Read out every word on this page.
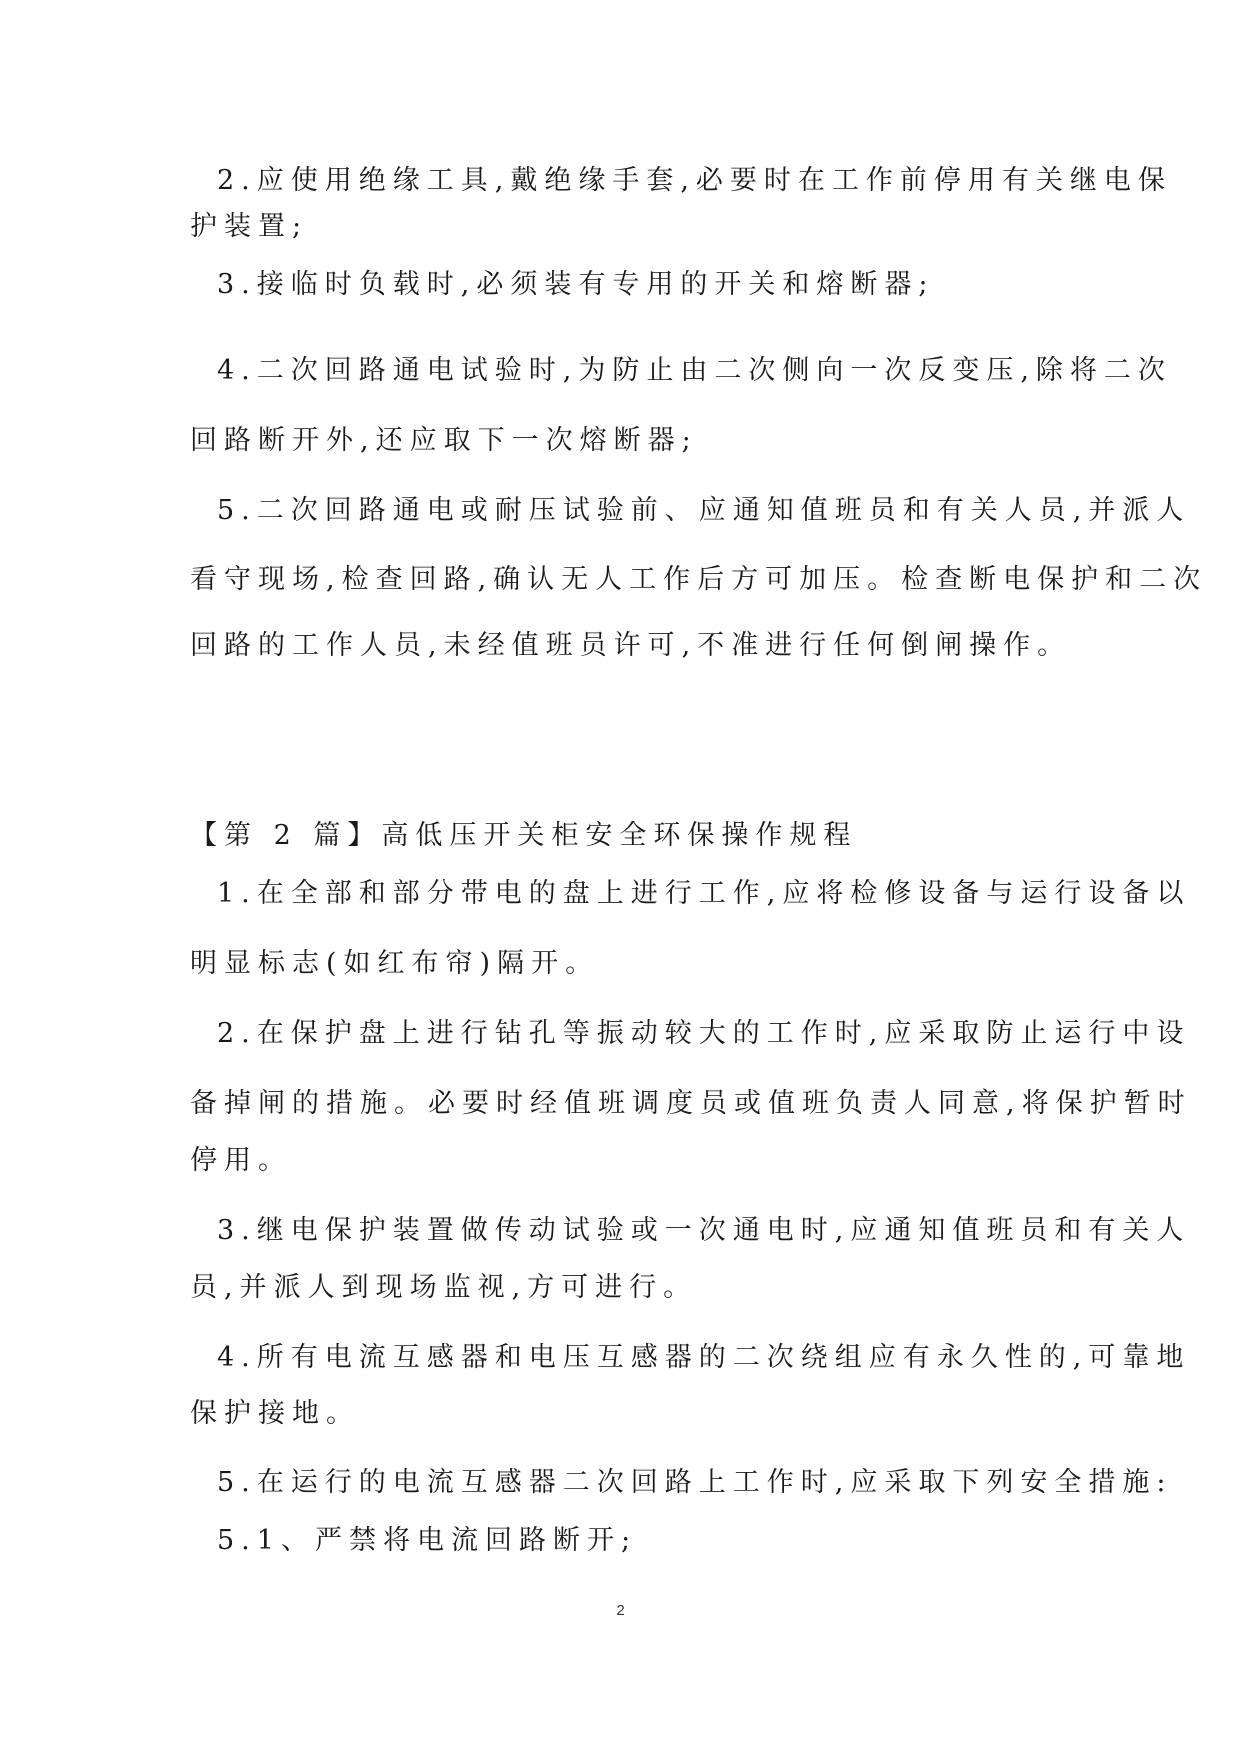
2.应使用绝缘工具,戴绝缘手套,必要时在工作前停用有关继电保
护装置;
3.接临时负载时,必须装有专用的开关和熔断器;
4.二次回路通电试验时,为防止由二次侧向一次反变压,除将二次
回路断开外,还应取下一次熔断器;
5.二次回路通电或耐压试验前、应通知值班员和有关人员,并派人
看守现场,检查回路,确认无人工作后方可加压。检查断电保护和二次
回路的工作人员,未经值班员许可,不准进行任何倒闸操作。
【第 2 篇】高低压开关柜安全环保操作规程
1.在全部和部分带电的盘上进行工作,应将检修设备与运行设备以
明显标志(如红布帘)隔开。
2.在保护盘上进行钻孔等振动较大的工作时,应采取防止运行中设
备掉闸的措施。必要时经值班调度员或值班负责人同意,将保护暂时
停用。
3.继电保护装置做传动试验或一次通电时,应通知值班员和有关人
员,并派人到现场监视,方可进行。
4.所有电流互感器和电压互感器的二次绕组应有永久性的,可靠地
保护接地。
5.在运行的电流互感器二次回路上工作时,应采取下列安全措施:
5.1、严禁将电流回路断开;
2
